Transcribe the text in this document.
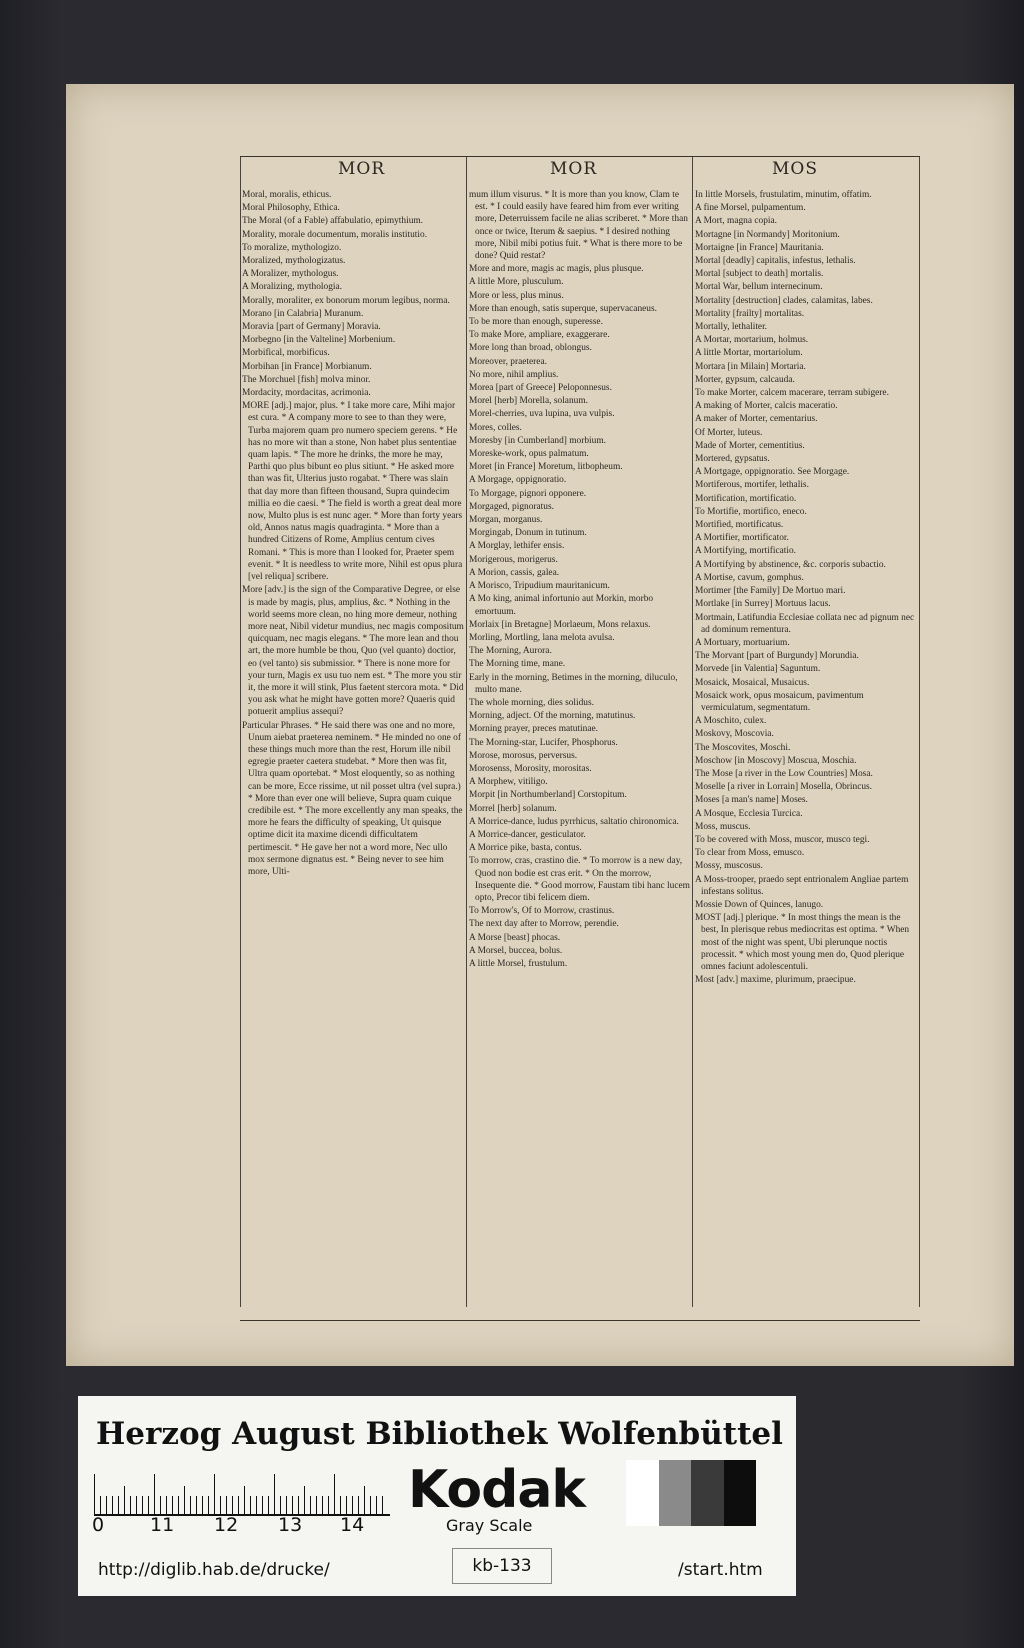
MOR	MOR	MOS

Moral, moralis, ethicus.

Moral Philosophy, Ethica.

The Moral (of a Fable) affabulatio, epimythium.

Morality, morale documentum, moralis institutio.

To moralize, mythologizo.

Moralized, mythologizatus.

A Moralizer, mythologus.

A Moralizing, mythologia.

Morally, moraliter, ex bonorum morum legibus, norma.

Morano [in Calabria] Muranum.

Moravia [part of Germany] Moravia.

Morbegno [in the Valteline] Morbenium.

Morbifical, morbificus.

Morbihan [in France] Morbianum.

The Morchuel [fish] molva minor.

Mordacity, mordacitas, acrimonia.

MORE [adj.] major, plus. * I take more care, Mihi major est cura. * A company more to see to than they were, Turba majorem quam pro numero speciem gerens. * He has no more wit than a stone, Non habet plus sententiae quam lapis. * The more he drinks, the more he may, Parthi quo plus bibunt eo plus sitiunt. * He asked more than was fit, Ulterius justo rogabat. * There was slain that day more than fifteen thousand, Supra quindecim millia eo die caesi. * The field is worth a great deal more now, Multo plus is est nunc ager. * More than forty years old, Annos natus magis quadraginta. * More than a hundred Citizens of Rome, Amplius centum cives Romani. * This is more than I looked for, Praeter spem evenit. * It is needless to write more, Nihil est opus plura [vel reliqua] scribere.

More [adv.] is the sign of the Comparative Degree, or else is made by magis, plus, amplius, &c. * Nothing in the world seems more clean, no hing more demeur, nothing more neat, Nibil videtur mundius, nec magis compositum quicquam, nec magis elegans. * The more lean and thou art, the more humble be thou, Quo (vel quanto) doctior, eo (vel tanto) sis submissior. * There is none more for your turn, Magis ex usu tuo nem est. * The more you stir it, the more it will stink, Plus faetent stercora mota. * Did you ask what he might have gotten more? Quaeris quid potuerit amplius assequi?

Particular Phrases. * He said there was one and no more, Unum aiebat praeterea neminem. * He minded no one of these things much more than the rest, Horum ille nibil egregie praeter caetera studebat. * More then was fit, Ultra quam oportebat. * Most eloquently, so as nothing can be more, Ecce rissime, ut nil posset ultra (vel supra.) * More than ever one will believe, Supra quam cuique credibile est. * The more excellently any man speaks, the more he fears the difficulty of speaking, Ut quisque optime dicit ita maxime dicendi difficultatem pertimescit. * He gave her not a word more, Nec ullo mox sermone dignatus est. * Being never to see him more, Ulti-

mum illum visurus. * It is more than you know, Clam te est. * I could easily have feared him from ever writing more, Deterruissem facile ne alias scriberet. * More than once or twice, Iterum & saepius. * I desired nothing more, Nibil mibi potius fuit. * What is there more to be done? Quid restat?

More and more, magis ac magis, plus plusque.

A little More, plusculum.

More or less, plus minus.

More than enough, satis superque, supervacaneus.

To be more than enough, superesse.

To make More, ampliare, exaggerare.

More long than broad, oblongus.

Moreover, praeterea.

No more, nihil amplius.

Morea [part of Greece] Peloponnesus.

Morel [herb] Morella, solanum.

Morel-cherries, uva lupina, uva vulpis.

Mores, colles.

Moresby [in Cumberland] morbium.

Moreske-work, opus palmatum.

Moret [in France] Moretum, litbopheum.

A Morgage, oppignoratio.

To Morgage, pignori opponere.

Morgaged, pignoratus.

Morgan, morganus.

Morgingab, Donum in tutinum.

A Morglay, lethifer ensis.

Morigerous, morigerus.

A Morion, cassis, galea.

A Morisco, Tripudium mauritanicum.

A Mo king, animal infortunio aut Morkin, morbo emortuum.

Morlaix [in Bretagne] Morlaeum, Mons relaxus.

Morling, Mortling, lana melota avulsa.

The Morning, Aurora.

The Morning time, mane.

Early in the morning, Betimes in the morning, diluculo, multo mane.

The whole morning, dies solidus.

Morning, adject. Of the morning, matutinus.

Morning prayer, preces matutinae.

The Morning-star, Lucifer, Phosphorus.

Morose, morosus, perversus.

Morosenss, Morosity, morositas.

A Morphew, vitiligo.

Morpit [in Northumberland] Corstopitum.

Morrel [herb] solanum.

A Morrice-dance, ludus pyrrhicus, saltatio chironomica.

A Morrice-dancer, gesticulator.

A Morrice pike, basta, contus.

To morrow, cras, crastino die. * To morrow is a new day, Quod non bodie est cras erit. * On the morrow, Insequente die. * Good morrow, Faustam tibi hanc lucem opto, Precor tibi felicem diem.

To Morrow's, Of to Morrow, crastinus.

The next day after to Morrow, perendie.

A Morse [beast] phocas.

A Morsel, buccea, bolus.

A little Morsel, frustulum.

In little Morsels, frustulatim, minutim, offatim.

A fine Morsel, pulpamentum.

A Mort, magna copia.

Mortagne [in Normandy] Moritonium.

Mortaigne [in France] Mauritania.

Mortal [deadly] capitalis, infestus, lethalis.

Mortal [subject to death] mortalis.

Mortal War, bellum internecinum.

Mortality [destruction] clades, calamitas, labes.

Mortality [frailty] mortalitas.

Mortally, lethaliter.

A Mortar, mortarium, holmus.

A little Mortar, mortariolum.

Mortara [in Milain] Mortaria.

Morter, gypsum, calcauda.

To make Morter, calcem macerare, terram subigere.

A making of Morter, calcis maceratio.

A maker of Morter, cementarius.

Of Morter, luteus.

Made of Morter, cementitius.

Mortered, gypsatus.

A Mortgage, oppignoratio. See Morgage.

Mortiferous, mortifer, lethalis.

Mortification, mortificatio.

To Mortifie, mortifico, eneco.

Mortified, mortificatus.

A Mortifier, mortificator.

A Mortifying, mortificatio.

A Mortifying by abstinence, &c. corporis subactio.

A Mortise, cavum, gomphus.

Mortimer [the Family] De Mortuo mari.

Mortlake [in Surrey] Mortuus lacus.

Mortmain, Latifundia Ecclesiae collata nec ad pignum nec ad dominum rementura.

A Mortuary, mortuarium.

The Morvant [part of Burgundy] Morundia.

Morvede [in Valentia] Saguntum.

Mosaick, Mosaical, Musaicus.

Mosaick work, opus mosaicum, pavimentum vermiculatum, segmentatum.

A Moschito, culex.

Moskovy, Moscovia.

The Moscovites, Moschi.

Moschow [in Moscovy] Moscua, Moschia.

The Mose [a river in the Low Countries] Mosa.

Moselle [a river in Lorrain] Mosella, Obrincus.

Moses [a man's name] Moses.

A Mosque, Ecclesia Turcica.

Moss, muscus.

To be covered with Moss, muscor, musco tegi.

To clear from Moss, emusco.

Mossy, muscosus.

A Moss-trooper, praedo sept entrionalem Angliae partem infestans solitus.

Mossie Down of Quinces, lanugo.

MOST [adj.] plerique. * In most things the mean is the best, In plerisque rebus mediocritas est optima. * When most of the night was spent, Ubi plerunque noctis processit. * which most young men do, Quod plerique omnes faciunt adolescentuli.

Most [adv.] maxime, plurimum, praecipue.

Herzog August Bibliothek Wolfenbüttel
0 11 12 13 14
Kodak
Gray Scale
http://diglib.hab.de/drucke/	kb-133	/start.htm
